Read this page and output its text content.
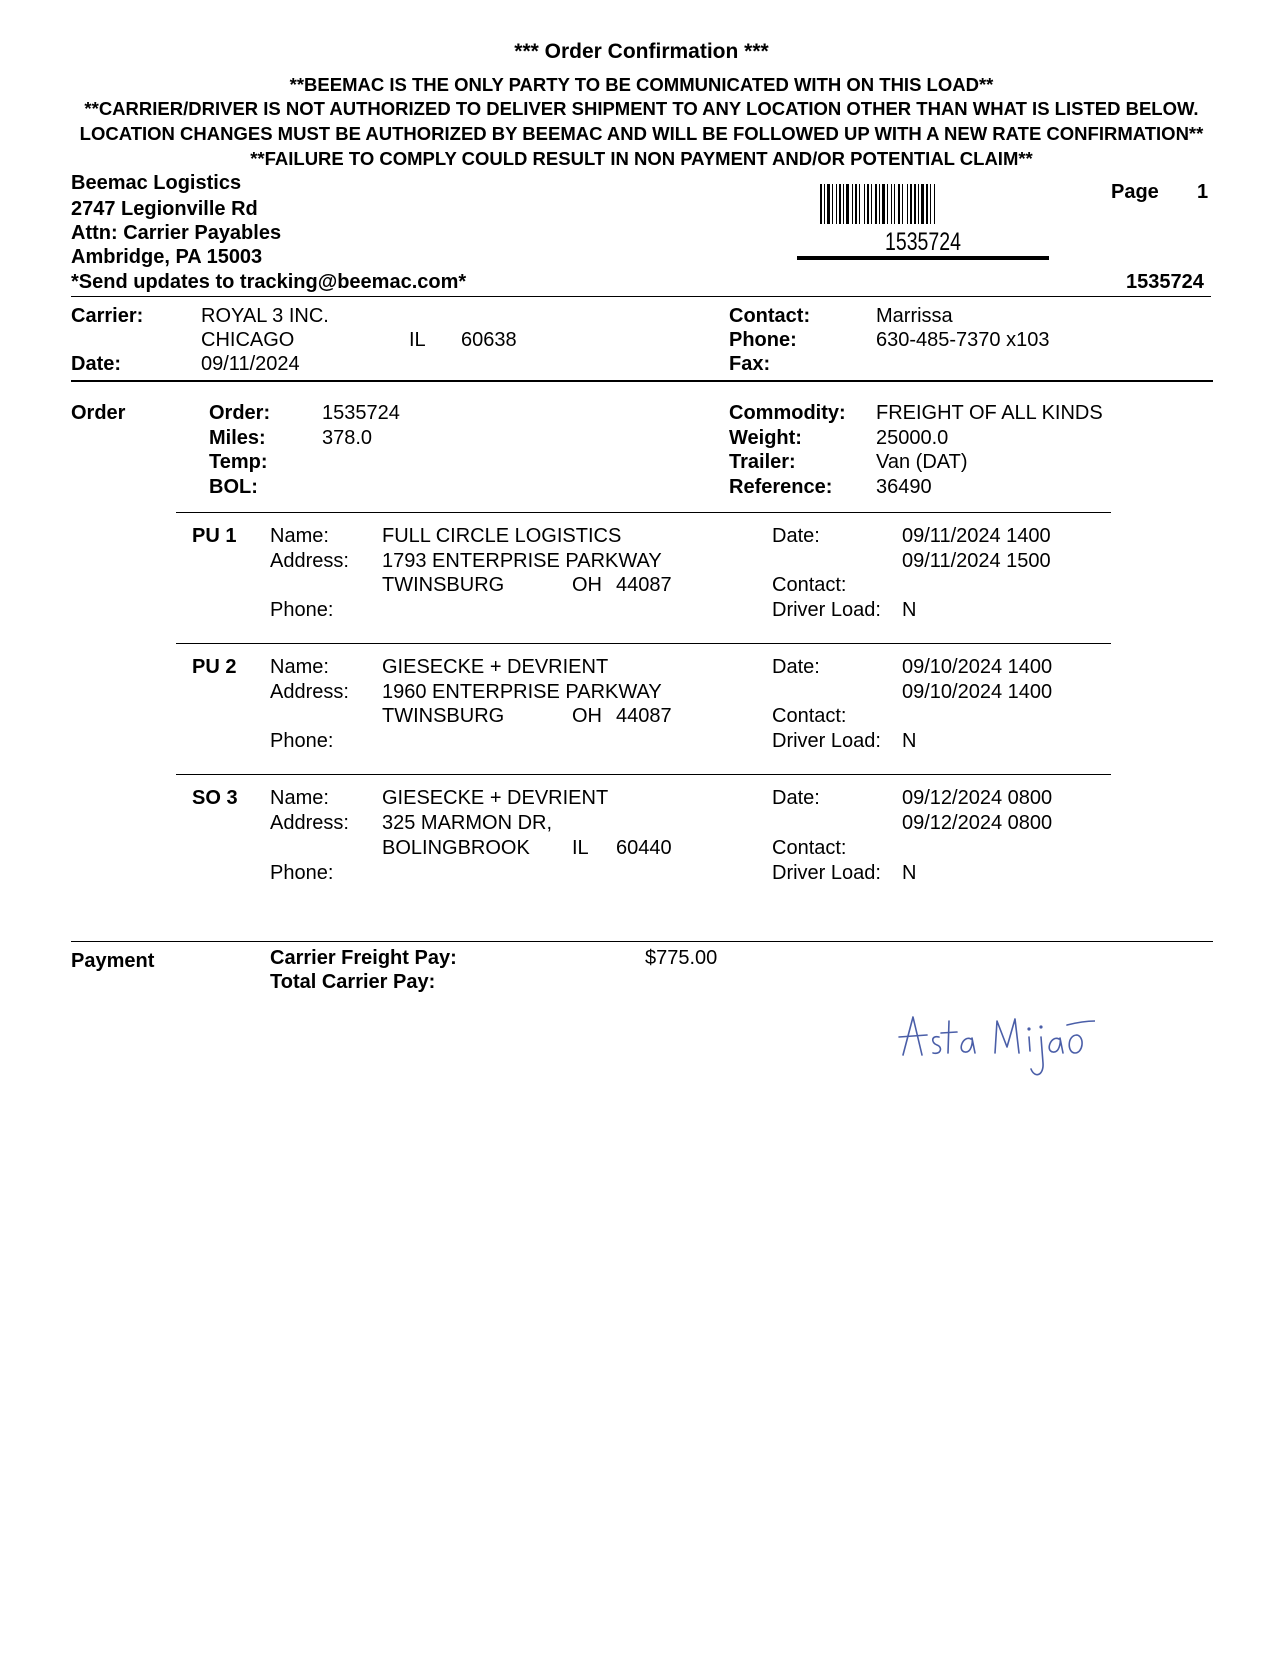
*** Order Confirmation ***
**BEEMAC IS THE ONLY PARTY TO BE COMMUNICATED WITH ON THIS LOAD**
**CARRIER/DRIVER IS NOT AUTHORIZED TO DELIVER SHIPMENT TO ANY LOCATION OTHER THAN WHAT IS LISTED BELOW.
LOCATION CHANGES MUST BE AUTHORIZED BY BEEMAC AND WILL BE FOLLOWED UP WITH A NEW RATE CONFIRMATION**
**FAILURE TO COMPLY COULD RESULT IN NON PAYMENT AND/OR POTENTIAL CLAIM**
Beemac Logistics
2747 Legionville Rd
Attn: Carrier Payables
Ambridge, PA 15003
*Send updates to tracking@beemac.com*
1535724
Page 1
1535724
Carrier:	ROYAL 3 INC.
CHICAGO	IL 60638
Date:	09/11/2024
Contact:	Marrissa
Phone:	630-485-7370 x103
Fax:
Order	Order:	1535724
Miles:	378.0
Temp:
BOL:
Commodity: FREIGHT OF ALL KINDS
Weight:	25000.0
Trailer:	Van (DAT)
Reference: 36490
PU 1 Name:	FULL CIRCLE LOGISTICS
Address: 1793 ENTERPRISE PARKWAY
TWINSBURG	OH 44087
Phone:
Date:	09/11/2024 1400
09/11/2024 1500
Contact:
Driver Load: N
PU 2 Name:	GIESECKE + DEVRIENT
Address: 1960 ENTERPRISE PARKWAY
TWINSBURG	OH 44087
Phone:
Date:	09/10/2024 1400
09/10/2024 1400
Contact:
Driver Load: N
SO 3 Name:	GIESECKE + DEVRIENT
Address: 325 MARMON DR,
BOLINGBROOK IL 60440
Phone:
Date:	09/12/2024 0800
09/12/2024 0800
Contact:
Driver Load: N
Payment	Carrier Freight Pay:	$775.00
Total Carrier Pay:
